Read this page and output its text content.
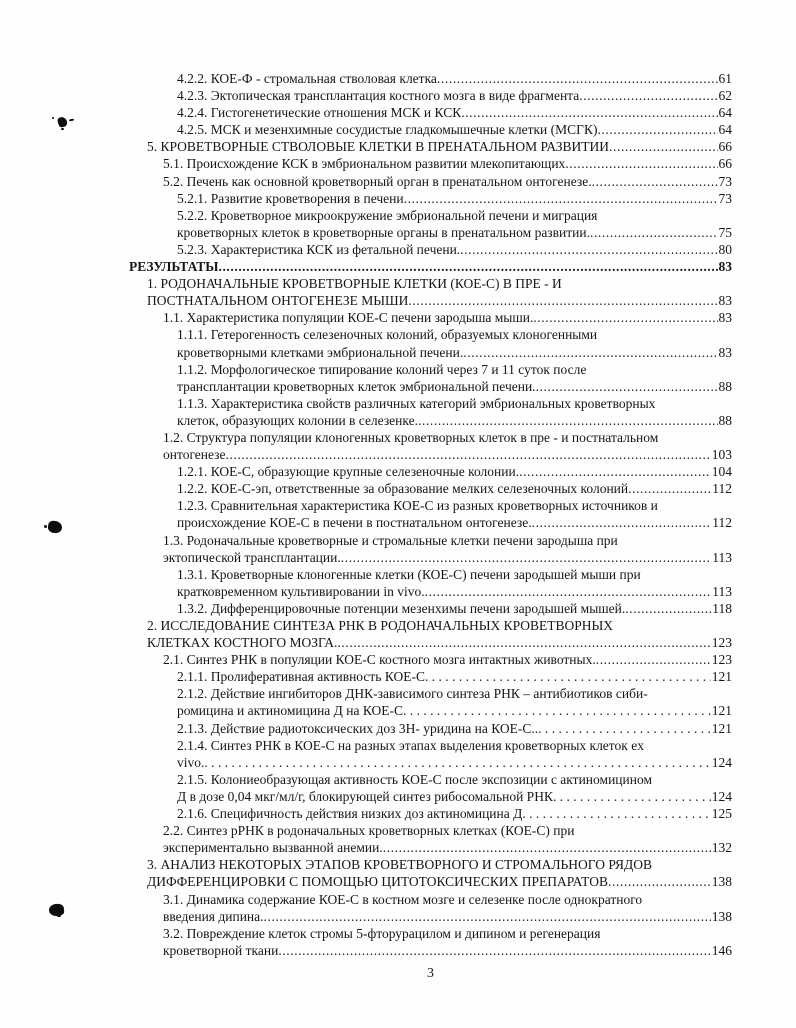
4.2.2. КОЕ-Ф - стромальная стволовая клетка .....	61
4.2.3. Эктопическая трансплантация костного мозга в виде фрагмента .....	62
4.2.4. Гистогенетические отношения МСК и КСК .....	64
4.2.5. МСК и мезенхимные сосудистые гладкомышечные клетки (МСГК) .....	64
5. КРОВЕТВОРНЫЕ СТВОЛОВЫЕ КЛЕТКИ В ПРЕНАТАЛЬНОМ РАЗВИТИИ .....	66
5.1. Происхождение КСК в эмбриональном развитии млекопитающих .....	66
5.2. Печень как основной кроветворный орган в пренатальном онтогенезе. .....	73
5.2.1. Развитие кроветворения в печени .....	73
5.2.2. Кроветворное микроокружение эмбриональной печени и миграция
кроветворных клеток в кроветворные органы в пренатальном развитии. .....	75
5.2.3. Характеристика КСК из фетальной печени. .....	80
РЕЗУЛЬТАТЫ .....	83
1. РОДОНАЧАЛЬНЫЕ КРОВЕТВОРНЫЕ КЛЕТКИ (КОЕ-С) В ПРЕ - И
ПОСТНАТАЛЬНОМ ОНТОГЕНЕЗЕ МЫШИ .....	83
1.1. Характеристика популяции КОЕ-С печени зародыша мыши. .....	83
1.1.1. Гетерогенность селезеночных колоний, образуемых клоногенными
кроветворными клетками эмбриональной печени. .....	83
1.1.2. Морфологическое типирование колоний через 7 и 11 суток после
трансплантации кроветворных клеток эмбриональной печени. .....	88
1.1.3. Характеристика свойств различных категорий эмбриональных кроветворных
клеток, образующих колонии в селезенке. .....	88
1.2. Структура популяции клоногенных кроветворных клеток в пре - и постнатальном
онтогенезе .....	103
1.2.1. КОЕ-С, образующие крупные селезеночные колонии. .....	104
1.2.2. КОЕ-С-эп, ответственные за образование мелких селезеночных колоний .....	112
1.2.3. Сравнительная характеристика КОЕ-С из разных кроветворных источников и
происхождение КОЕ-С в печени в постнатальном онтогенезе. .....	112
1.3. Родоначальные кроветворные и стромальные клетки печени зародыша при
эктопической трансплантации. .....	113
1.3.1. Кроветворные клоногенные клетки (КОЕ-С) печени зародышей мыши при
кратковременном культивировании in vivo. .....	113
1.3.2. Дифференцировочные потенции мезенхимы печени зародышей мышей. .....	118
2. ИССЛЕДОВАНИЕ СИНТЕЗА РНК В РОДОНАЧАЛЬНЫХ КРОВЕТВОРНЫХ
КЛЕТКАХ КОСТНОГО МОЗГА. .....	123
2.1. Синтез РНК в популяции КОЕ-С костного мозга интактных животных. .....	123
2.1.1. Пролиферативная активность КОЕ-С .....	121
2.1.2. Действие ингибиторов ДНК-зависимого синтеза РНК – антибиотиков сиби-
ромицина и актиномицина Д на КОЕ-С .....	121
2.1.3. Действие радиотоксических доз 3Н- уридина на КОЕ-С.. .....	121
2.1.4. Синтез РНК в КОЕ-С на разных этапах выделения кроветворных клеток ex
vivo. .....	124
2.1.5. Колониеобразующая активность КОЕ-С после экспозиции с актиномицином
Д в дозе 0,04 мкг/мл/г, блокирующей синтез рибосомальной РНК .....	124
2.1.6. Специфичность действия низких доз актиномицина Д .....	125
2.2. Синтез рРНК в родоначальных кроветворных клетках (КОЕ-С) при
экспериментально вызванной анемии. .....	132
3. АНАЛИЗ НЕКОТОРЫХ ЭТАПОВ КРОВЕТВОРНОГО И СТРОМАЛЬНОГО РЯДОВ
ДИФФЕРЕНЦИРОВКИ С ПОМОЩЬЮ ЦИТОТОКСИЧЕСКИХ ПРЕПАРАТОВ .....	138
3.1. Динамика содержание КОЕ-С в костном мозге и селезенке после однократного
введения дипина. .....	138
3.2. Повреждение клеток стромы 5-фторурацилом и дипином и регенерация
кроветворной ткани .....	146
3
